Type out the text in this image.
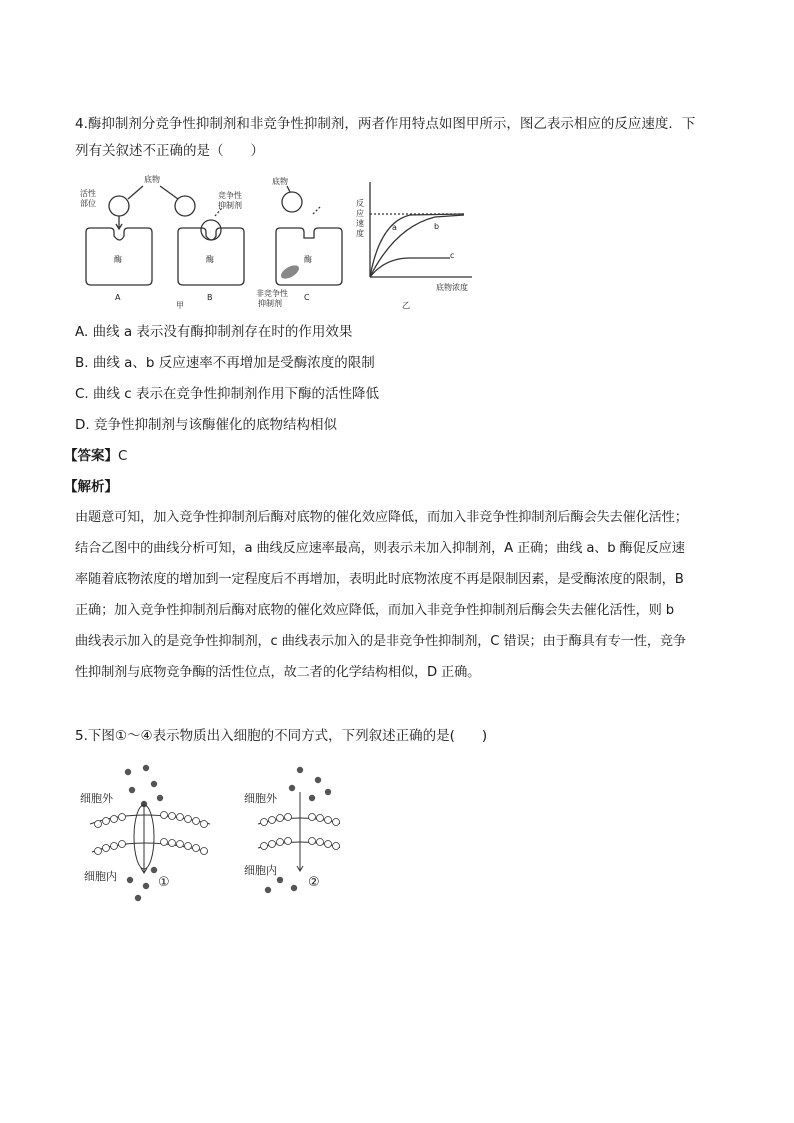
4.酶抑制剂分竞争性抑制剂和非竞争性抑制剂，两者作用特点如图甲所示，图乙表示相应的反应速度．下
列有关叙述不正确的是（　　）
活性
部位
底物	底物
竞争性
抑制剂
非竞争性
抑制剂
酶	酶	酶
A	B	C
甲	乙
反
应
速
度
底物浓度
a	b
c
A. 曲线 a 表示没有酶抑制剂存在时的作用效果
B. 曲线 a、b 反应速率不再增加是受酶浓度的限制
C. 曲线 c 表示在竞争性抑制剂作用下酶的活性降低
D. 竞争性抑制剂与该酶催化的底物结构相似
【答案】C
【解析】
由题意可知，加入竞争性抑制剂后酶对底物的催化效应降低，而加入非竞争性抑制剂后酶会失去催化活性；
结合乙图中的曲线分析可知，a 曲线反应速率最高，则表示未加入抑制剂，A 正确；曲线 a、b 酶促反应速
率随着底物浓度的增加到一定程度后不再增加，表明此时底物浓度不再是限制因素，是受酶浓度的限制，B
正确；加入竞争性抑制剂后酶对底物的催化效应降低，而加入非竞争性抑制剂后酶会失去催化活性，则 b
曲线表示加入的是竞争性抑制剂，c 曲线表示加入的是非竞争性抑制剂，C 错误；由于酶具有专一性，竞争
性抑制剂与底物竞争酶的活性位点，故二者的化学结构相似，D 正确。
5.下图①～④表示物质出入细胞的不同方式，下列叙述正确的是(　　)
细胞外
细胞内	①
细胞外
细胞内
②
